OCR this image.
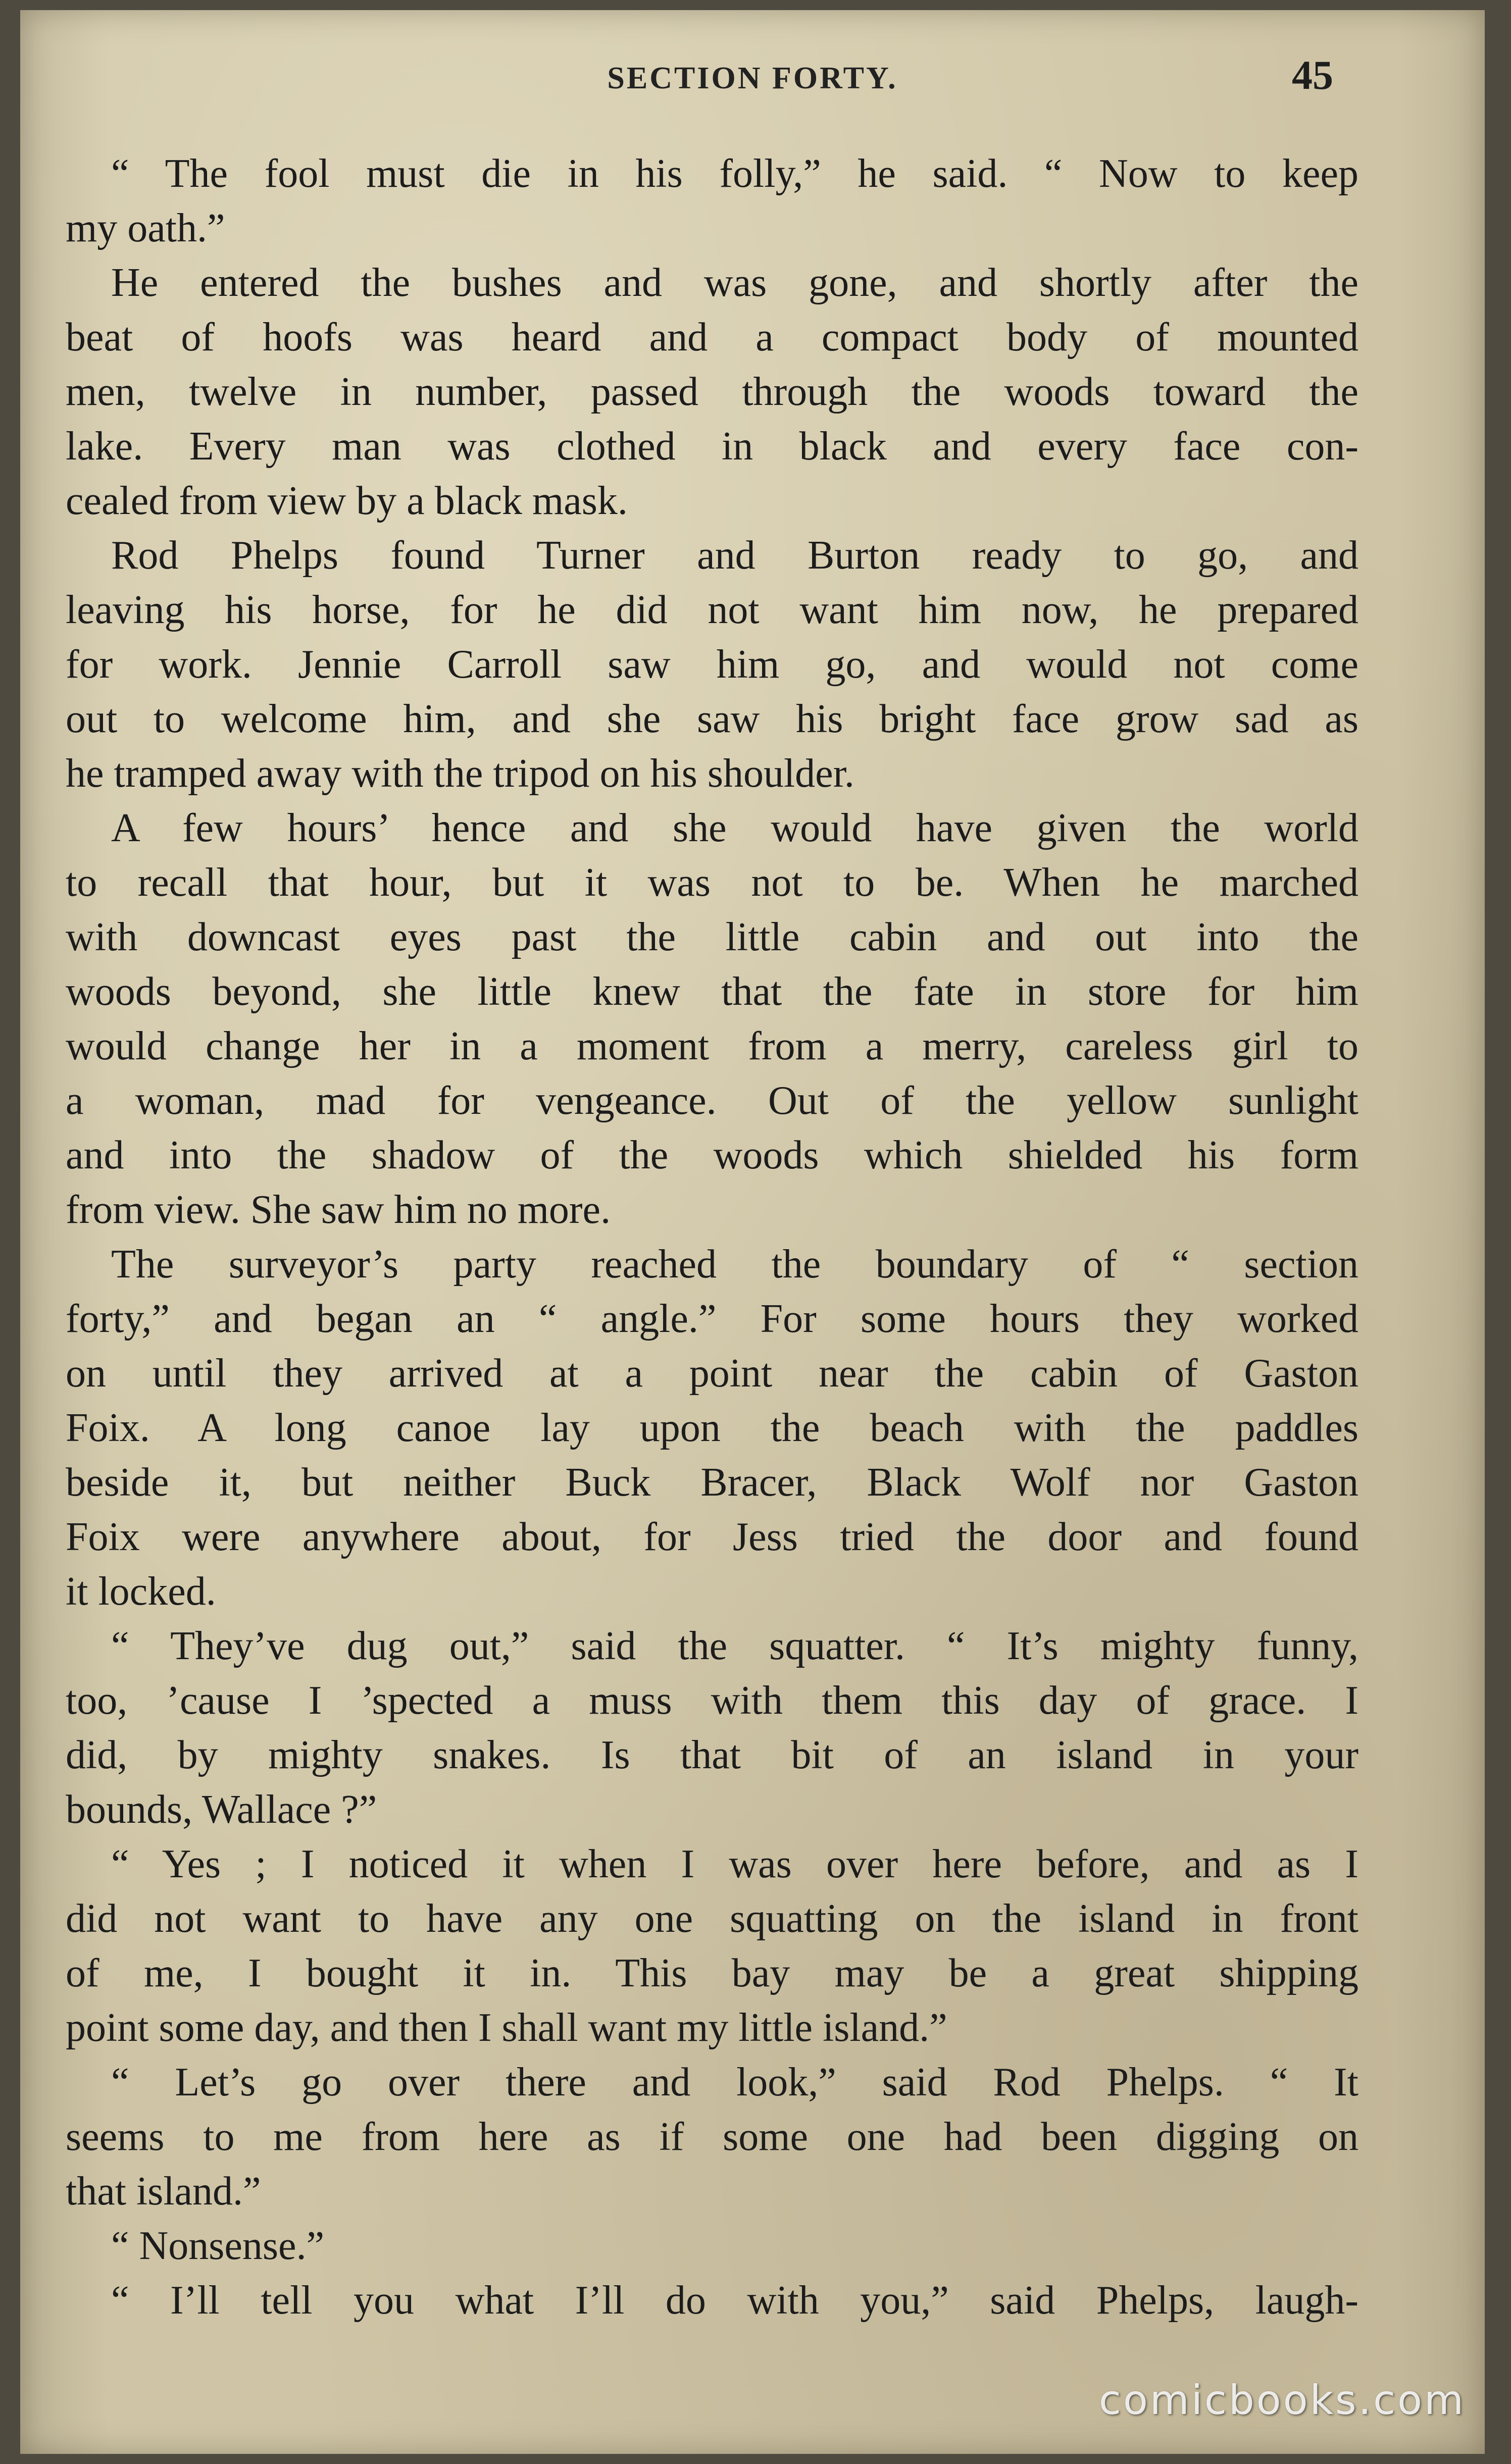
SECTION FORTY.	45
“ The fool must die in his folly,” he said. “ Now to keep
my oath.”
He entered the bushes and was gone, and shortly after the
beat of hoofs was heard and a compact body of mounted
men, twelve in number, passed through the woods toward the
lake. Every man was clothed in black and every face con-
cealed from view by a black mask.
Rod Phelps found Turner and Burton ready to go, and
leaving his horse, for he did not want him now, he prepared
for work. Jennie Carroll saw him go, and would not come
out to welcome him, and she saw his bright face grow sad as
he tramped away with the tripod on his shoulder.
A few hours’ hence and she would have given the world
to recall that hour, but it was not to be. When he marched
with downcast eyes past the little cabin and out into the
woods beyond, she little knew that the fate in store for him
would change her in a moment from a merry, careless girl to
a woman, mad for vengeance. Out of the yellow sunlight
and into the shadow of the woods which shielded his form
from view. She saw him no more.
The surveyor’s party reached the boundary of “ section
forty,” and began an “ angle.” For some hours they worked
on until they arrived at a point near the cabin of Gaston
Foix. A long canoe lay upon the beach with the paddles
beside it, but neither Buck Bracer, Black Wolf nor Gaston
Foix were anywhere about, for Jess tried the door and found
it locked.
“ They’ve dug out,” said the squatter. “ It’s mighty funny,
too, ’cause I ’spected a muss with them this day of grace. I
did, by mighty snakes. Is that bit of an island in your
bounds, Wallace ?”
“ Yes ; I noticed it when I was over here before, and as I
did not want to have any one squatting on the island in front
of me, I bought it in. This bay may be a great shipping
point some day, and then I shall want my little island.”
“ Let’s go over there and look,” said Rod Phelps. “ It
seems to me from here as if some one had been digging on
that island.”
“ Nonsense.”
“ I’ll tell you what I’ll do with you,” said Phelps, laugh-
comicbooks.com
